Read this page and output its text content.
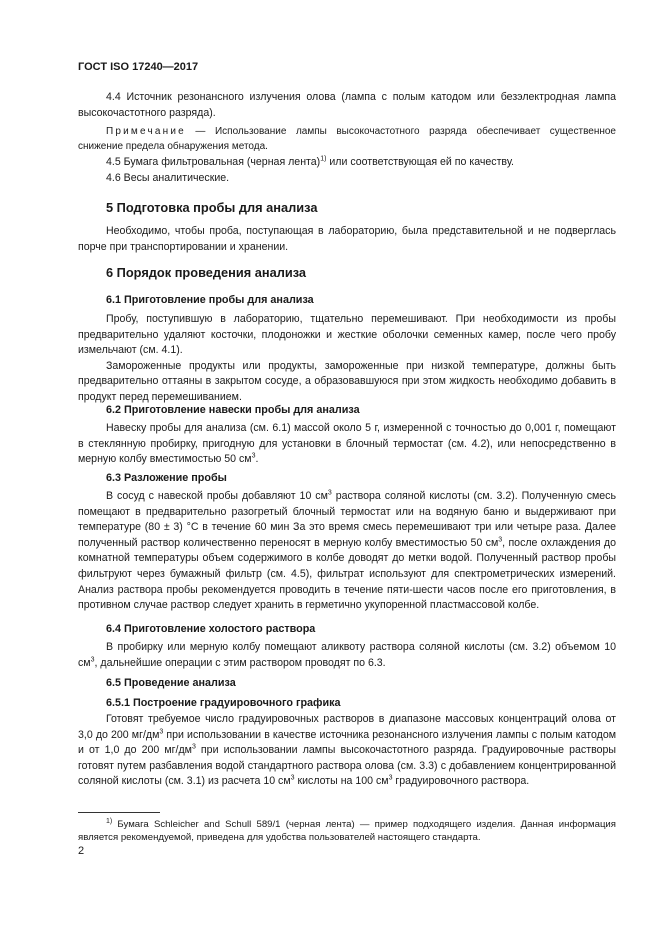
ГОСТ ISO 17240—2017

4.4 Источник резонансного излучения олова (лампа с полым катодом или безэлектродная лампа высокочастотного разряда).

Примечание — Использование лампы высокочастотного разряда обеспечивает существенное снижение предела обнаружения метода.

4.5 Бумага фильтровальная (черная лента)$^{1)}$ или соответствующая ей по качеству.

4.6 Весы аналитические.

5 Подготовка пробы для анализа

Необходимо, чтобы проба, поступающая в лабораторию, была представительной и не подверглась порче при транспортировании и хранении.

6 Порядок проведения анализа
6.1 Приготовление пробы для анализа

Пробу, поступившую в лабораторию, тщательно перемешивают. При необходимости из пробы предварительно удаляют косточки, плодоножки и жесткие оболочки семенных камер, после чего пробу измельчают (см. 4.1).

Замороженные продукты или продукты, замороженные при низкой температуре, должны быть предварительно оттаяны в закрытом сосуде, а образовавшуюся при этом жидкость необходимо добавить в продукт перед перемешиванием.

6.2 Приготовление навески пробы для анализа

Навеску пробы для анализа (см. 6.1) массой около 5 г, измеренной с точностью до 0,001 г, помещают в стеклянную пробирку, пригодную для установки в блочный термостат (см. 4.2), или непосредственно в мерную колбу вместимостью 50 $см^3$.

6.3 Разложение пробы

В сосуд с навеской пробы добавляют 10 $см^3$ раствора соляной кислоты (см. 3.2). Полученную смесь помещают в предварительно разогретый блочный термостат или на водяную баню и выдерживают при температуре (80 ± 3) °С в течение 60 мин За это время смесь перемешивают три или четыре раза. Далее полученный раствор количественно переносят в мерную колбу вместимостью 50 $см^3$, после охлаждения до комнатной температуры объем содержимого в колбе доводят до метки водой. Полученный раствор пробы фильтруют через бумажный фильтр (см. 4.5), фильтрат используют для спектрометрических измерений. Анализ раствора пробы рекомендуется проводить в течение пяти-шести часов после его приготовления, в противном случае раствор следует хранить в герметично укупоренной пластмассовой колбе.

6.4 Приготовление холостого раствора

В пробирку или мерную колбу помещают аликвоту раствора соляной кислоты (см. 3.2) объемом 10 $см^3$, дальнейшие операции с этим раствором проводят по 6.3.

6.5 Проведение анализа
6.5.1 Построение градуировочного графика

Готовят требуемое число градуировочных растворов в диапазоне массовых концентраций олова от 3,0 до 200 $мг/дм^3$ при использовании в качестве источника резонансного излучения лампы с полым катодом и от 1,0 до 200 $мг/дм^3$ при использовании лампы высокочастотного разряда. Градуировочные растворы готовят путем разбавления водой стандартного раствора олова (см. 3.3) с добавлением концентрированной соляной кислоты (см. 3.1) из расчета 10 $см^3$ кислоты на 100 $см^3$ градуировочного раствора.

$^{1)}$ Бумага Schleicher and Schull 589/1 (черная лента) — пример подходящего изделия. Данная информация является рекомендуемой, приведена для удобства пользователей настоящего стандарта.

2
